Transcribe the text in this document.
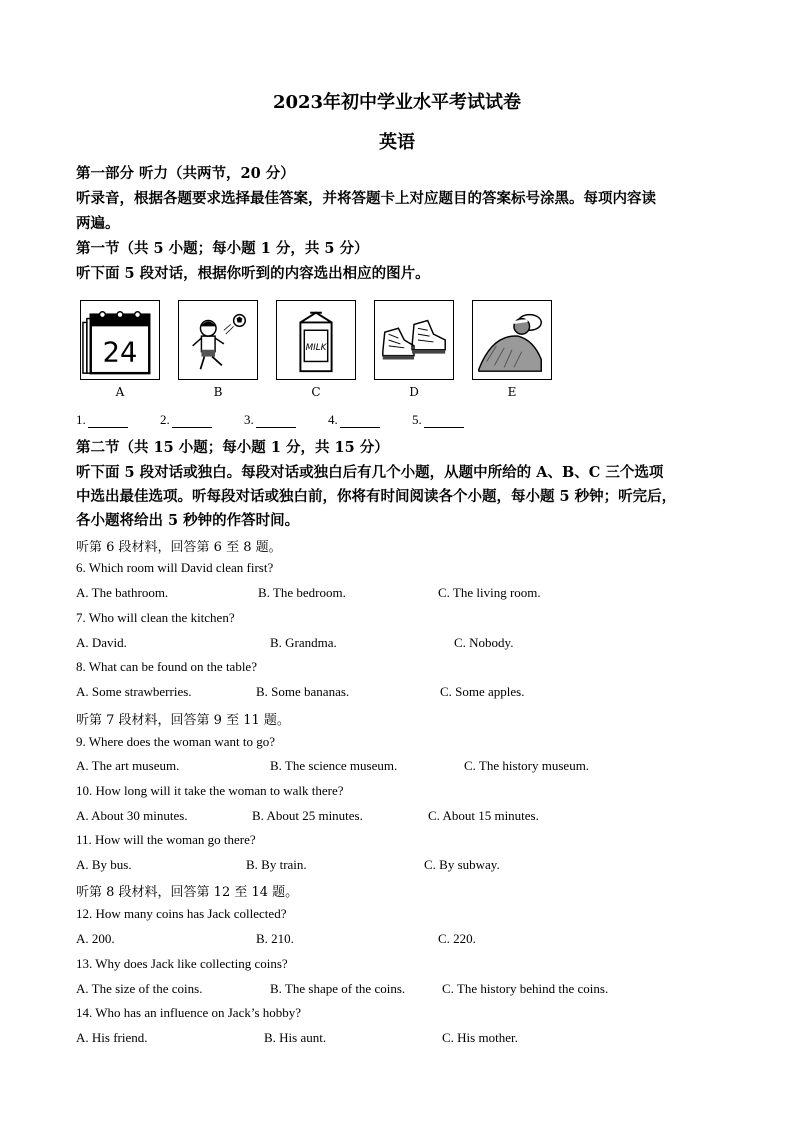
2023年初中学业水平考试试卷
英语
第一部分 听力（共两节，20 分）
听录音，根据各题要求选择最佳答案，并将答题卡上对应题目的答案标号涂黑。每项内容读
两遍。
第一节（共 5 小题；每小题 1 分，共 5 分）
听下面 5 段对话，根据你听到的内容选出相应的图片。
24
A	B
MILK
C	D	E
1.	2.	3.	4.	5.
第二节（共 15 小题；每小题 1 分，共 15 分）
听下面 5 段对话或独白。每段对话或独白后有几个小题，从题中所给的 A、B、C 三个选项
中选出最佳选项。听每段对话或独白前，你将有时间阅读各个小题，每小题 5 秒钟；听完后，
各小题将给出 5 秒钟的作答时间。
听第 6 段材料，回答第 6 至 8 题。
6. Which room will David clean first?
A. The bathroom.	B. The bedroom.	C. The living room.
7. Who will clean the kitchen?
A. David.	B. Grandma.	C. Nobody.
8. What can be found on the table?
A. Some strawberries.	B. Some bananas.	C. Some apples.
听第 7 段材料，回答第 9 至 11 题。
9. Where does the woman want to go?
A. The art museum.	B. The science museum.	C. The history museum.
10. How long will it take the woman to walk there?
A. About 30 minutes.	B. About 25 minutes.	C. About 15 minutes.
11. How will the woman go there?
A. By bus.	B. By train.	C. By subway.
听第 8 段材料，回答第 12 至 14 题。
12. How many coins has Jack collected?
A. 200.	B. 210.	C. 220.
13. Why does Jack like collecting coins?
A. The size of the coins.	B. The shape of the coins.	C. The history behind the coins.
14. Who has an influence on Jack’s hobby?
A. His friend.	B. His aunt.	C. His mother.
